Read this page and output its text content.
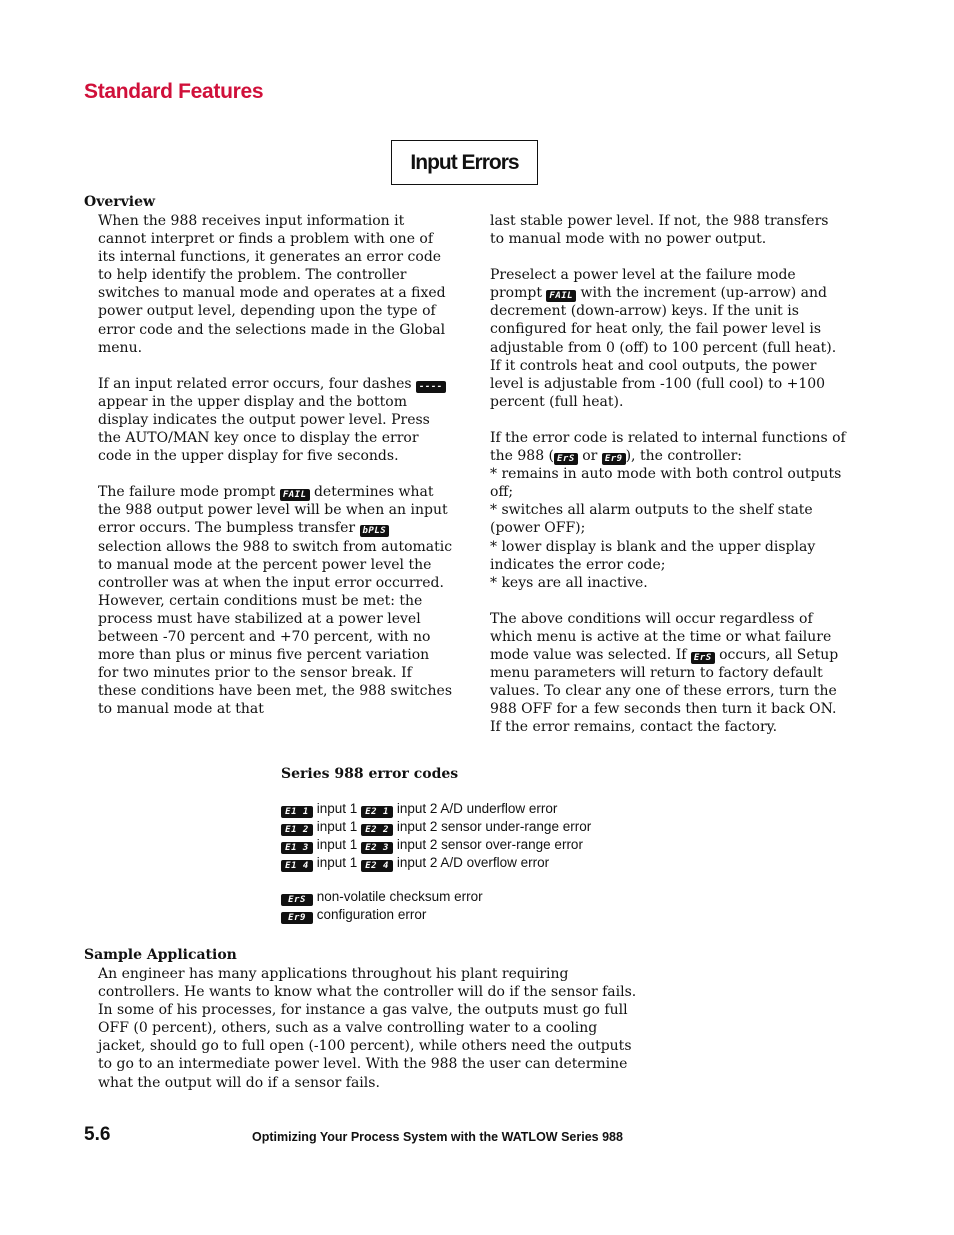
Standard Features
Input Errors
Overview

When the 988 receives input information it cannot interpret or finds a problem with one of its internal functions, it generates an error code to help identify the problem. The controller switches to manual mode and operates at a fixed power output level, depending upon the type of error code and the selections made in the Global menu.

If an input related error occurs, four dashes ---- appear in the upper display and the bottom display indicates the output power level. Press the AUTO/MAN key once to display the error code in the upper display for five seconds.

The failure mode prompt FAIL determines what the 988 output power level will be when an input error occurs. The bumpless transfer bPLS selection allows the 988 to switch from automatic to manual mode at the percent power level the controller was at when the input error occurred. However, certain conditions must be met: the process must have stabilized at a power level between -70 percent and +70 percent, with no more than plus or minus five percent variation for two minutes prior to the sensor break. If these conditions have been met, the 988 switches to manual mode at that

last stable power level. If not, the 988 transfers to manual mode with no power output.

Preselect a power level at the failure mode prompt FAIL with the increment (up-arrow) and decrement (down-arrow) keys. If the unit is configured for heat only, the fail power level is adjustable from 0 (off) to 100 percent (full heat). If it controls heat and cool outputs, the power level is adjustable from -100 (full cool) to +100 percent (full heat).

If the error code is related to internal functions of the 988 ( ErS or Er9 ), the controller:

* remains in auto mode with both control outputs off;
* switches all alarm outputs to the shelf state (power OFF);
* lower display is blank and the upper display indicates the error code;
* keys are all inactive.

The above conditions will occur regardless of which menu is active at the time or what failure mode value was selected. If ErS occurs, all Setup menu parameters will return to factory default values. To clear any one of these errors, turn the 988 OFF for a few seconds then turn it back ON. If the error remains, contact the factory.

Series 988 error codes
E1 1 input 1 E2 1 input 2 A/D underflow error
E1 2 input 1 E2 2 input 2 sensor under-range error
E1 3 input 1 E2 3 input 2 sensor over-range error
E1 4 input 1 E2 4 input 2 A/D overflow error
ErS non-volatile checksum error
Er9 configuration error
Sample Application
An engineer has many applications throughout his plant requiring controllers. He wants to know what the controller will do if the sensor fails. In some of his processes, for instance a gas valve, the outputs must go full OFF (0 percent), others, such as a valve controlling water to a cooling jacket, should go to full open (-100 percent), while others need the outputs to go to an intermediate power level. With the 988 the user can determine what the output will do if a sensor fails.
5.6	Optimizing Your Process System with the WATLOW Series 988
